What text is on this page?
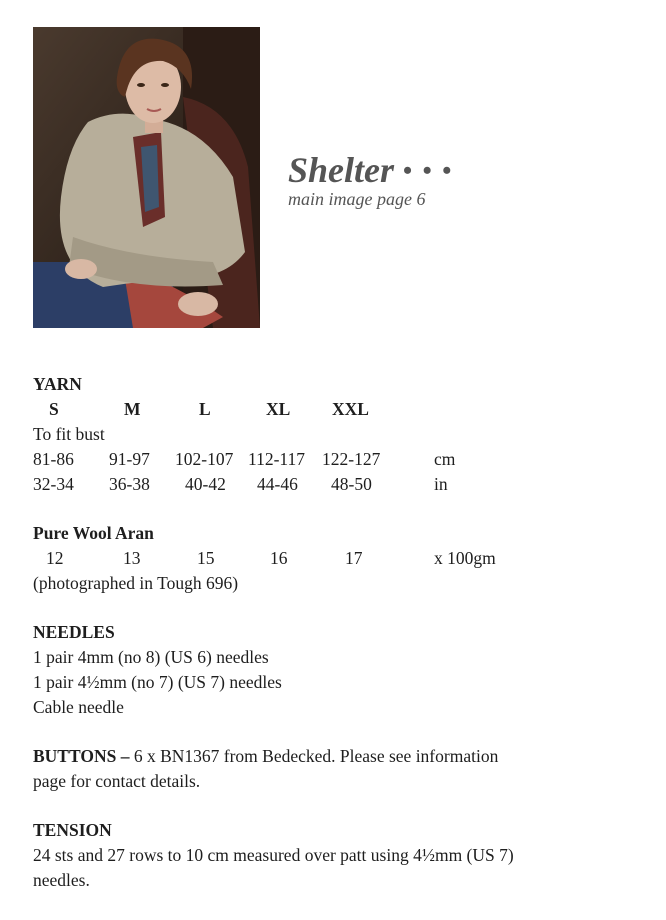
Shelter • • •
main image page 6
YARN
S	M	L	XL XXL
To fit bust
81-86 91-97 102-107 112-117 122-127	cm
32-34 36-38 40-42 44-46 48-50	in
Pure Wool Aran
12	13	15	16	17	x 100gm
(photographed in Tough 696)
NEEDLES
1 pair 4mm (no 8) (US 6) needles
1 pair 4½mm (no 7) (US 7) needles
Cable needle
BUTTONS – 6 x BN1367 from Bedecked. Please see information
page for contact details.
TENSION
24 sts and 27 rows to 10 cm measured over patt using 4½mm (US 7)
needles.
